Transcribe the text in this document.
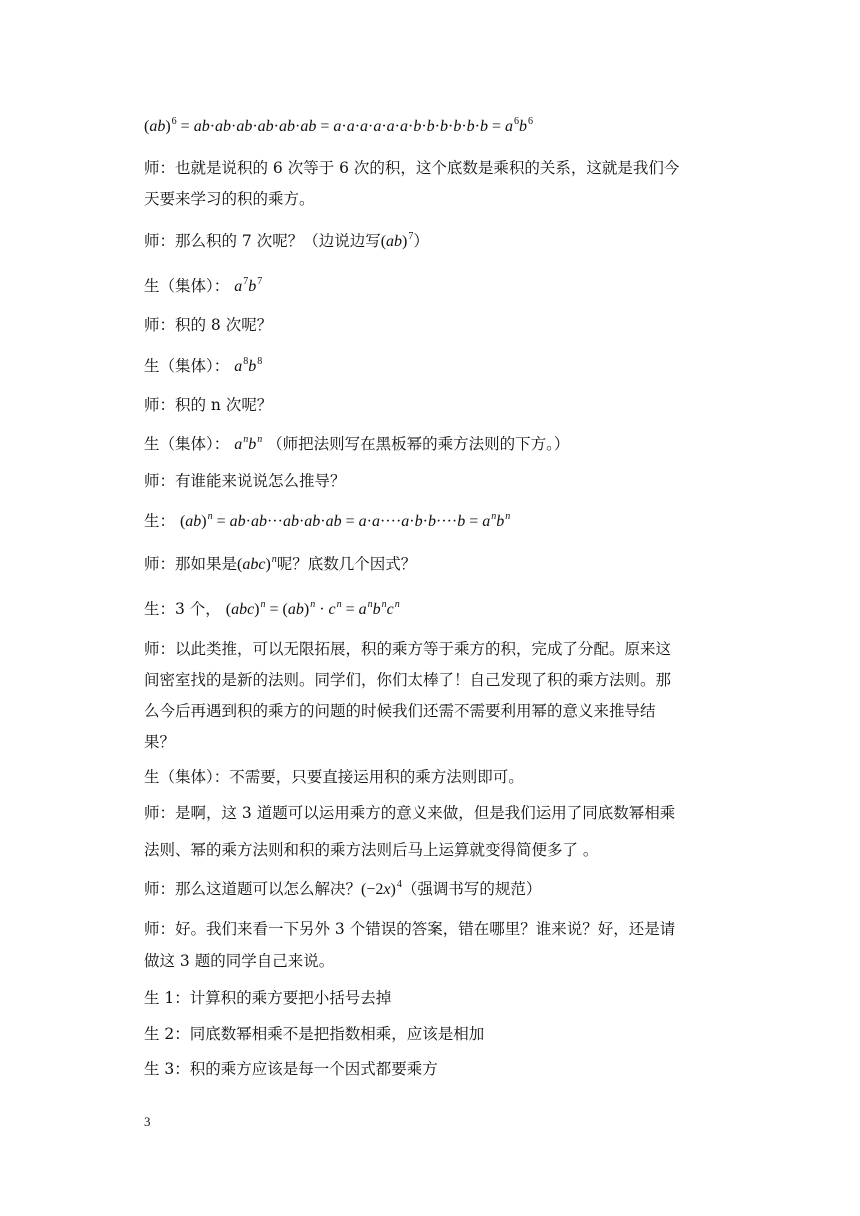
$(ab)^6 = ab\cdot ab\cdot ab\cdot ab\cdot ab\cdot ab = a\cdot a\cdot a\cdot a\cdot a\cdot a\cdot b\cdot b\cdot b\cdot b\cdot b\cdot b = a^6b^6$
师：也就是说积的 6 次等于 6 次的积，这个底数是乘积的关系，这就是我们今
天要来学习的积的乘方。
师：那么积的 7 次呢？（边说边写(ab)$^7$）
生（集体）： $a^7b^7$
师：积的 8 次呢？
生（集体）： $a^8b^8$
师：积的 n 次呢？
生（集体）： $a^nb^n$ （师把法则写在黑板幂的乘方法则的下方。）
师：有谁能来说说怎么推导？
生： $(ab)^n = ab\cdot ab\cdot\cdot\cdot ab\cdot ab\cdot ab = a\cdot a\cdot\cdot\cdot\cdot a\cdot b\cdot b\cdot\cdot\cdot\cdot b = a^nb^n$
师：那如果是(abc)$^n$呢？底数几个因式？
生：3 个， $(abc)^n = (ab)^n \cdot c^n = a^nb^nc^n$
师：以此类推，可以无限拓展，积的乘方等于乘方的积，完成了分配。原来这
间密室找的是新的法则。同学们，你们太棒了！自己发现了积的乘方法则。那
么今后再遇到积的乘方的问题的时候我们还需不需要利用幂的意义来推导结
果？
生（集体）：不需要，只要直接运用积的乘方法则即可。
师：是啊，这 3 道题可以运用乘方的意义来做，但是我们运用了同底数幂相乘
法则、幂的乘方法则和积的乘方法则后马上运算就变得简便多了 。
师：那么这道题可以怎么解决？$(-2x)^4$（强调书写的规范）
师：好。我们来看一下另外 3 个错误的答案，错在哪里？谁来说？好，还是请
做这 3 题的同学自己来说。
生 1：计算积的乘方要把小括号去掉
生 2：同底数幂相乘不是把指数相乘，应该是相加
生 3：积的乘方应该是每一个因式都要乘方
3
